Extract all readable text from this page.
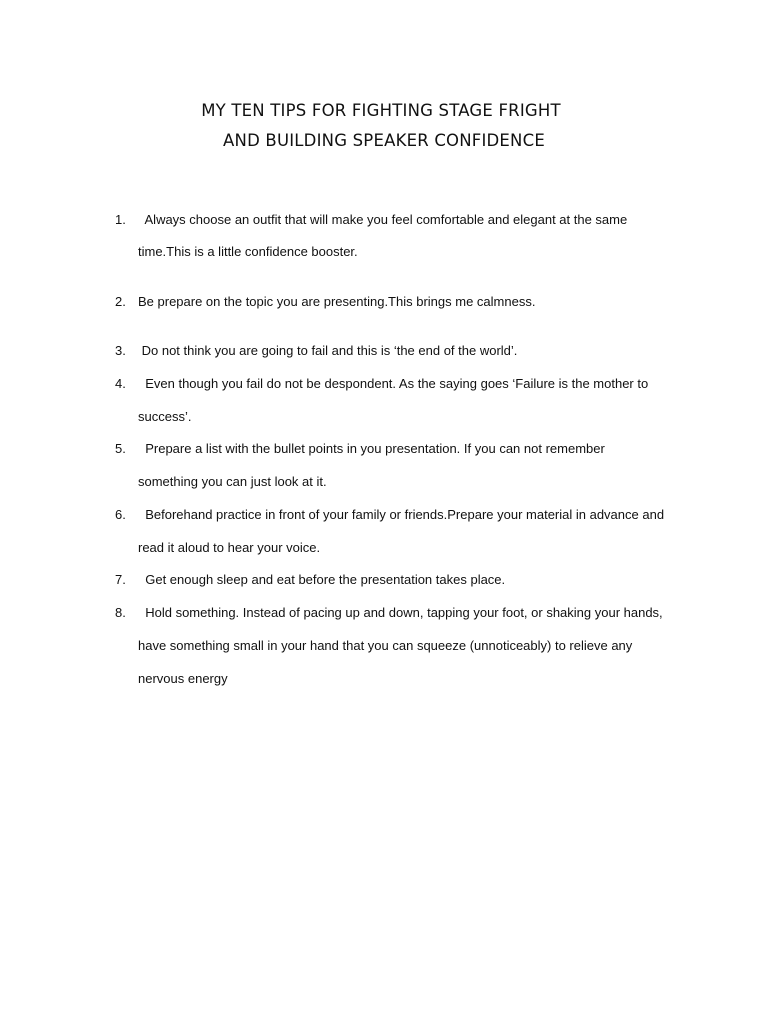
MY TEN TIPS FOR FIGHTING STAGE FRIGHT
AND BUILDING SPEAKER CONFIDENCE
1. Always choose an outfit that will make you feel comfortable and elegant at the same
time.This is a little confidence booster.
2. Be prepare on the topic you are presenting.This brings me calmness.
3. Do not think you are going to fail and this is ‘the end of the world’.
4. Even though you fail do not be despondent. As the saying goes ‘Failure is the mother to
success’.
5. Prepare a list with the bullet points in you presentation. If you can not remember
something you can just look at it.
6. Beforehand practice in front of your family or friends.Prepare your material in advance and
read it aloud to hear your voice.
7. Get enough sleep and eat before the presentation takes place.
8. Hold something. Instead of pacing up and down, tapping your foot, or shaking your hands,
have something small in your hand that you can squeeze (unnoticeably) to relieve any
nervous energy
